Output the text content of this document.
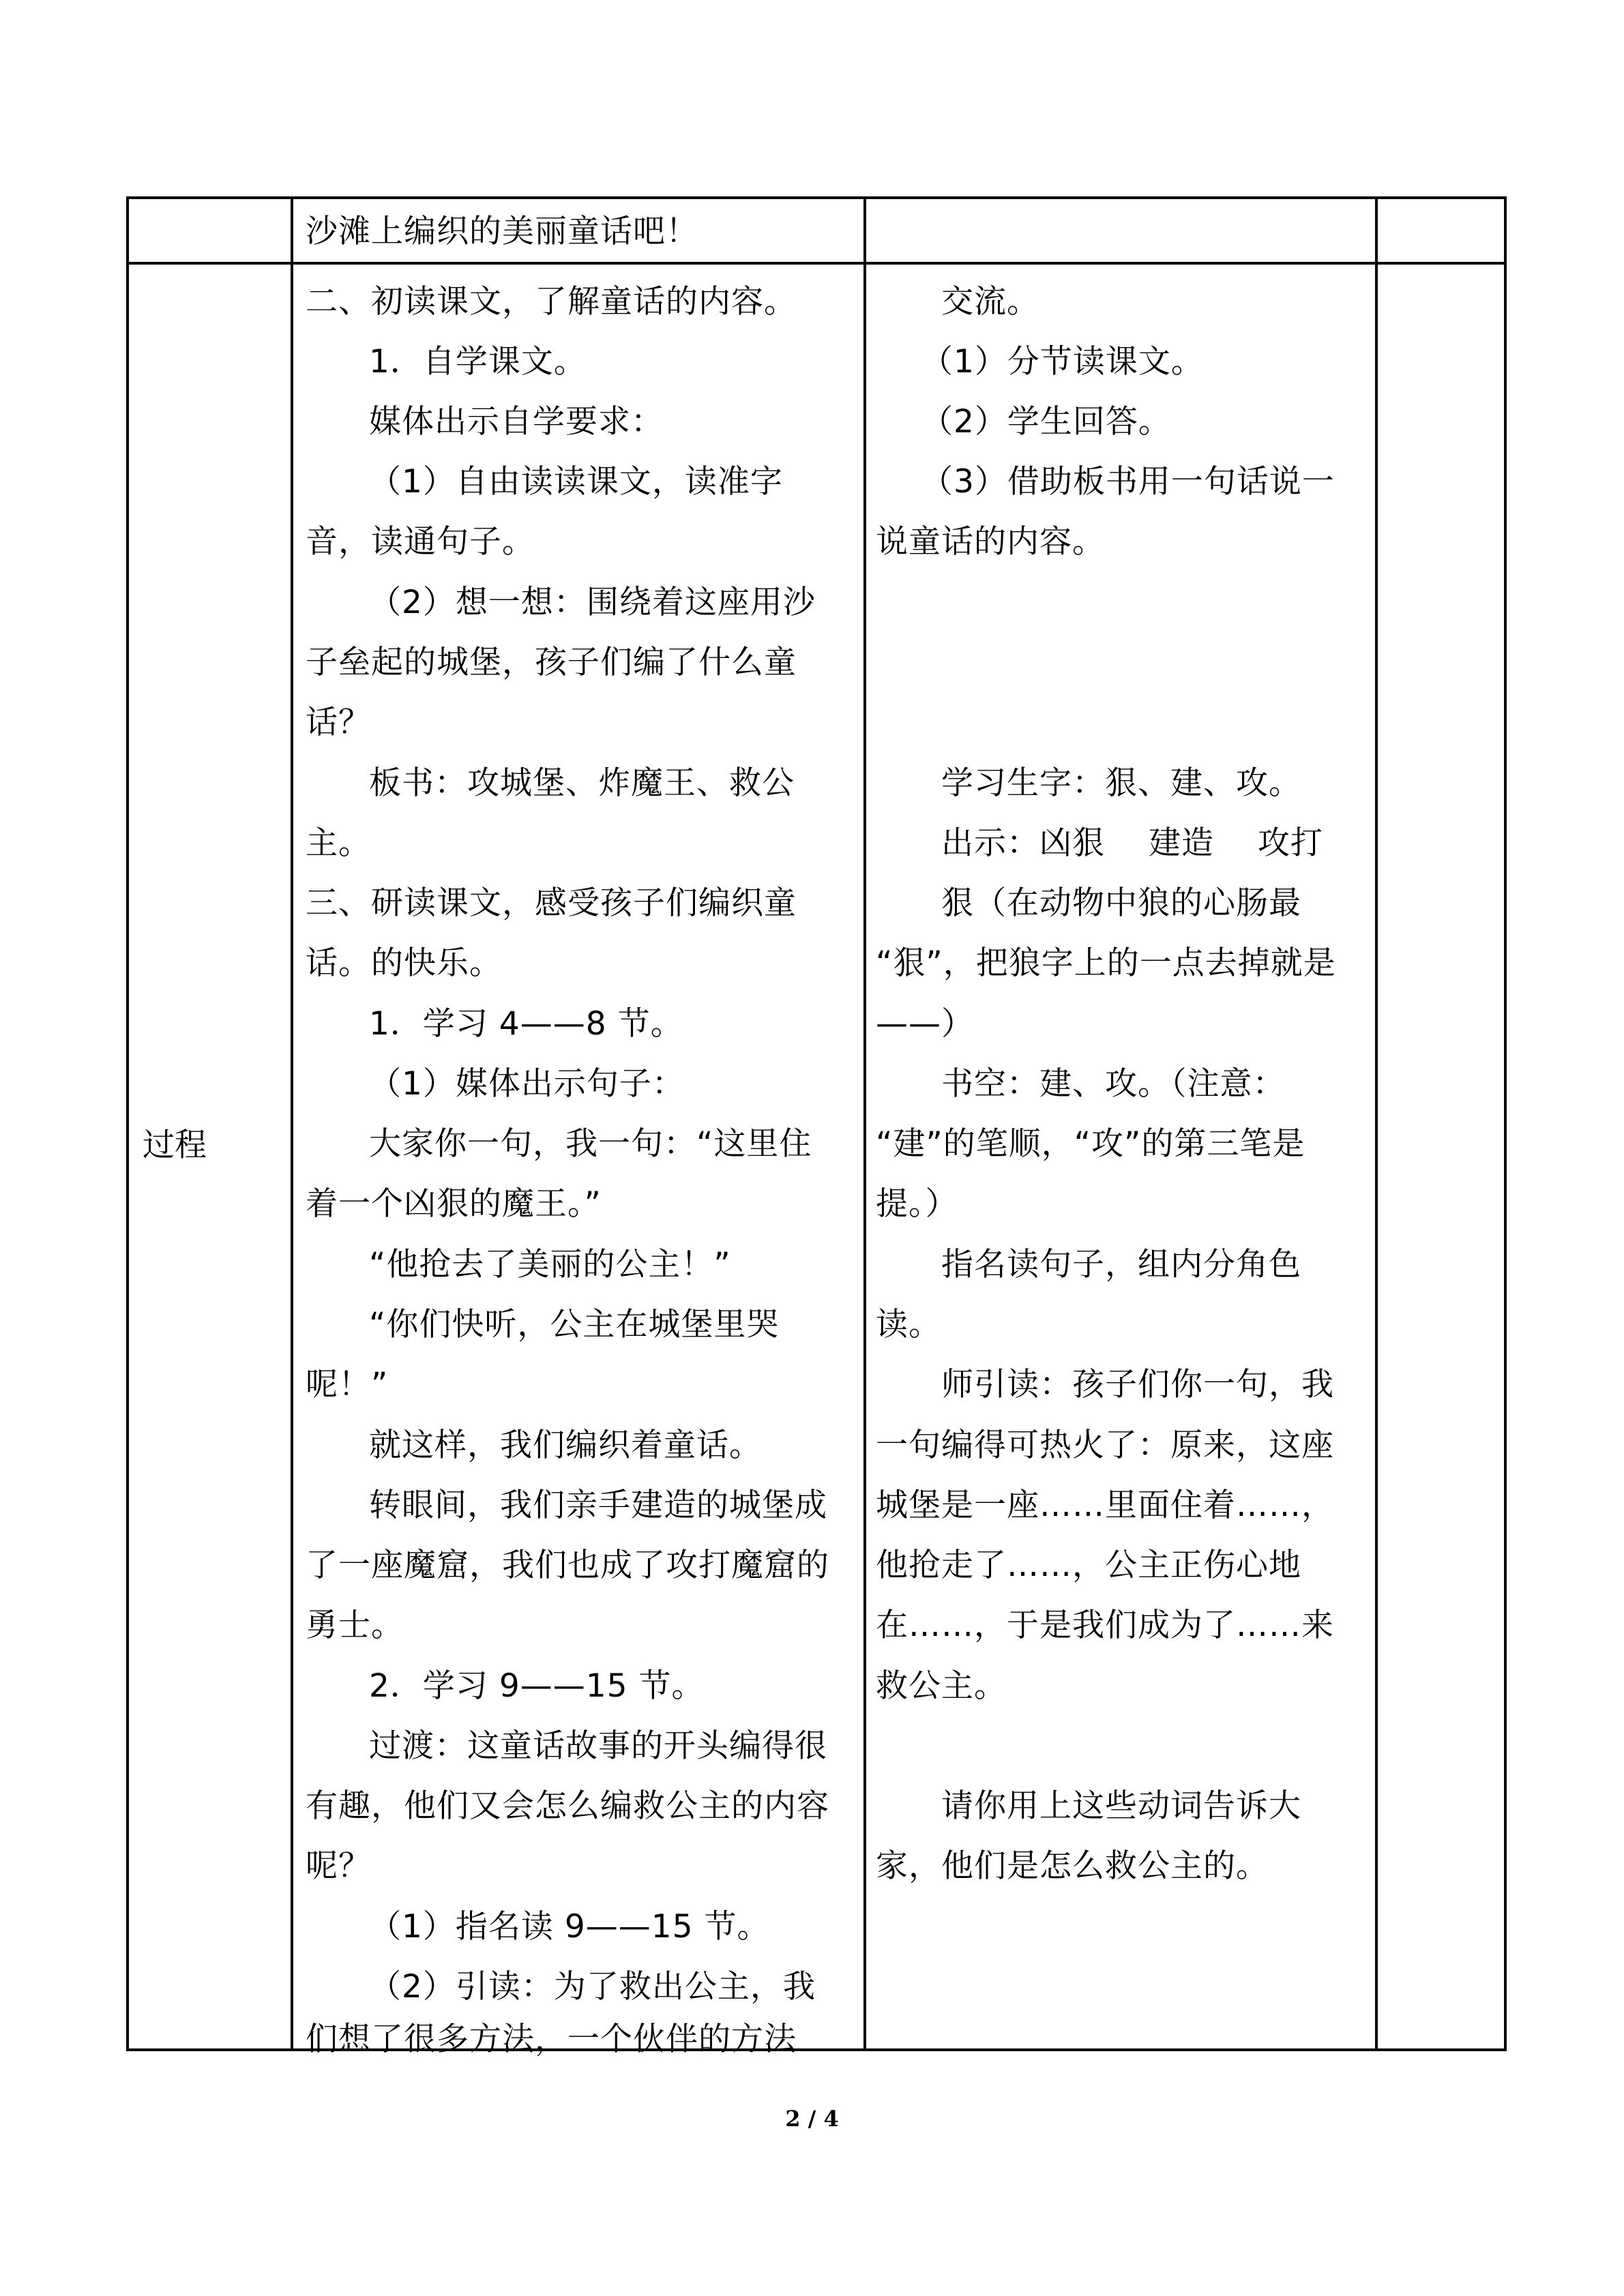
沙滩上编织的美丽童话吧！
过程
二、初读课文，了解童话的内容。
1．自学课文。
媒体出示自学要求：
（1）自由读读课文，读准字
音，读通句子。
（2）想一想：围绕着这座用沙
子垒起的城堡，孩子们编了什么童
话？
板书：攻城堡、炸魔王、救公
主。
三、研读课文，感受孩子们编织童
话。的快乐。
1．学习 4——8 节。
（1）媒体出示句子：
大家你一句，我一句：“这里住
着一个凶狠的魔王。”
“他抢去了美丽的公主！”
“你们快听，公主在城堡里哭
呢！”
就这样，我们编织着童话。
转眼间，我们亲手建造的城堡成
了一座魔窟，我们也成了攻打魔窟的
勇士。
2．学习 9——15 节。
过渡：这童话故事的开头编得很
有趣，他们又会怎么编救公主的内容
呢？
（1）指名读 9——15 节。
（2）引读：为了救出公主，我
们想了很多方法，一个伙伴的方法
交流。
（1）分节读课文。
（2）学生回答。
（3）借助板书用一句话说一
说童话的内容。
学习生字：狠、建、攻。
出示：凶狠　 建造　 攻打
狠（在动物中狼的心肠最
“狠”，把狼字上的一点去掉就是
——）
书空：建、攻。（注意：
“建”的笔顺，“攻”的第三笔是
提。）
指名读句子，组内分角色
读。
师引读：孩子们你一句，我
一句编得可热火了：原来，这座
城堡是一座……里面住着……，
他抢走了……，公主正伤心地
在……，于是我们成为了……来
救公主。
请你用上这些动词告诉大
家，他们是怎么救公主的。
2 / 4
